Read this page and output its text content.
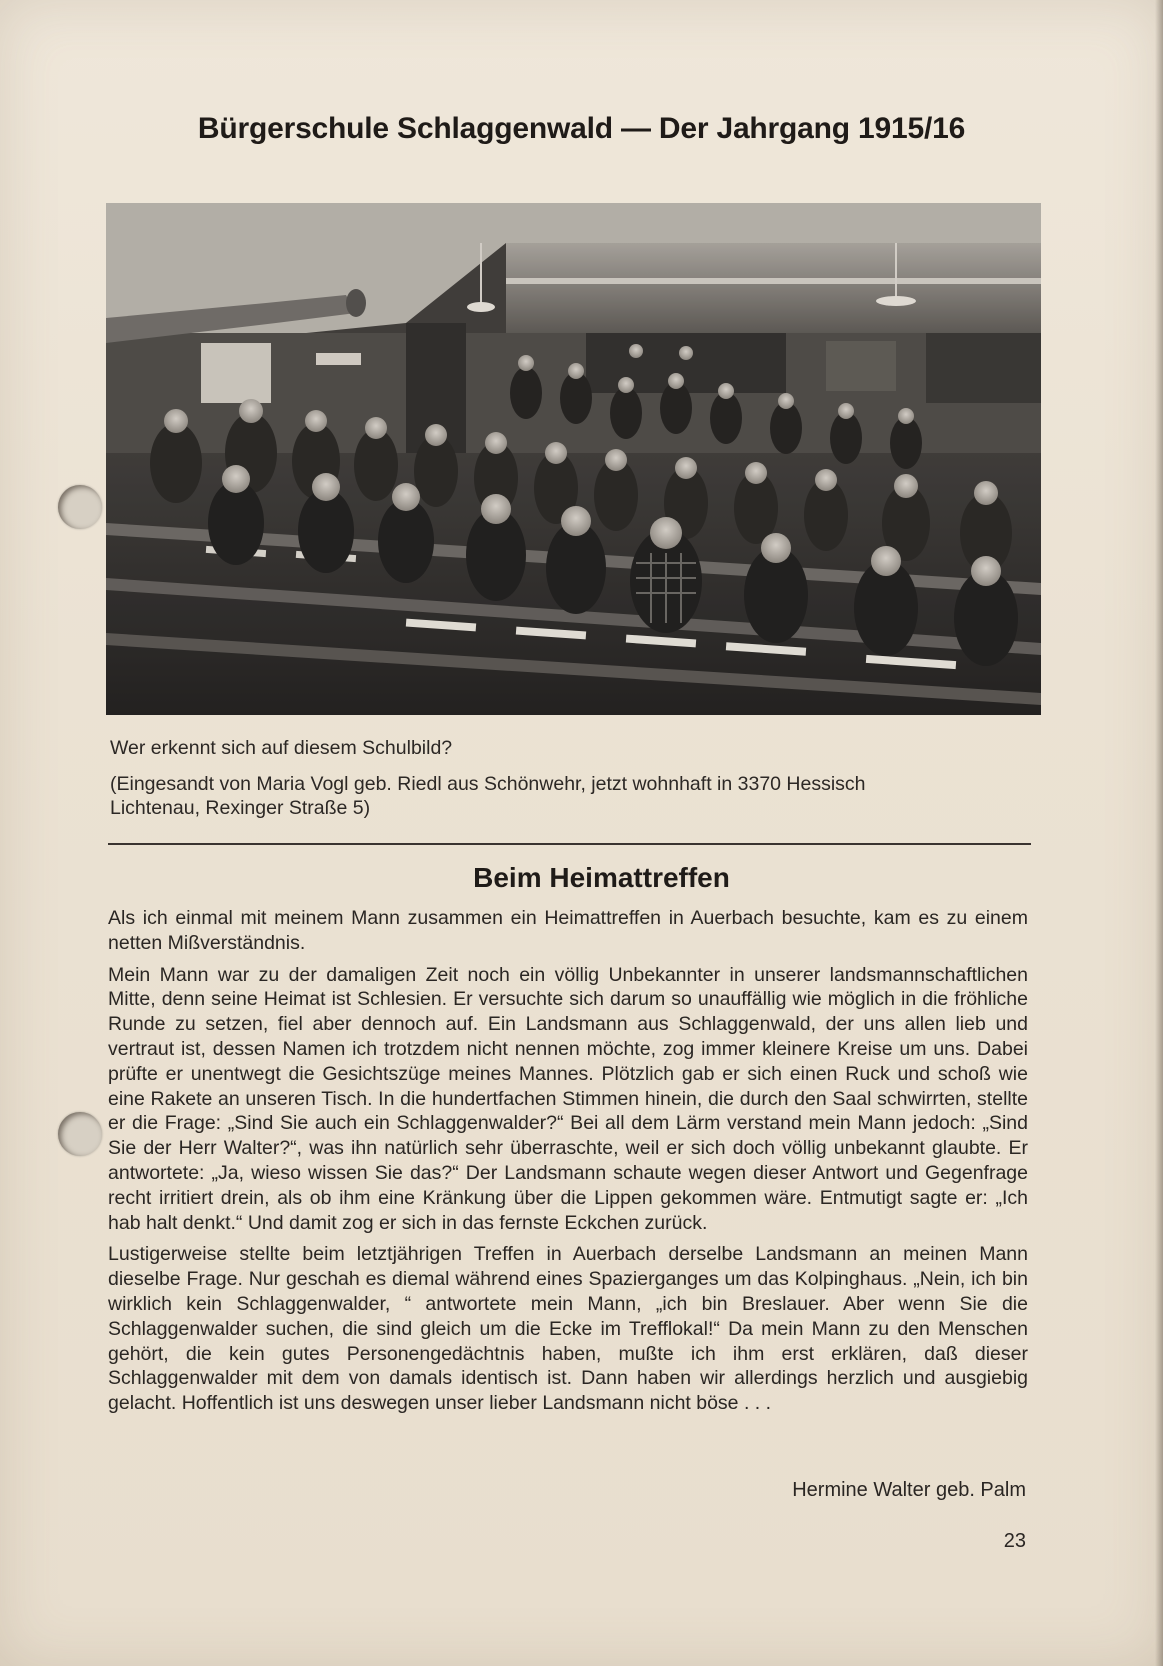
Bürgerschule Schlaggenwald — Der Jahrgang 1915/16
Wer erkennt sich auf diesem Schulbild?
(Eingesandt von Maria Vogl geb. Riedl aus Schönwehr, jetzt wohnhaft in 3370 Hessisch
Lichtenau, Rexinger Straße 5)
Beim Heimattreffen

Als ich einmal mit meinem Mann zusammen ein Heimattreffen in Auerbach besuchte, kam es zu einem netten Mißverständnis.

Mein Mann war zu der damaligen Zeit noch ein völlig Unbekannter in unserer landsmannschaftlichen Mitte, denn seine Heimat ist Schlesien. Er versuchte sich darum so unauffällig wie möglich in die fröhliche Runde zu setzen, fiel aber dennoch auf. Ein Landsmann aus Schlaggenwald, der uns allen lieb und vertraut ist, dessen Namen ich trotzdem nicht nennen möchte, zog immer kleinere Kreise um uns. Dabei prüfte er unentwegt die Gesichtszüge meines Mannes. Plötzlich gab er sich einen Ruck und schoß wie eine Rakete an unseren Tisch. In die hundertfachen Stimmen hinein, die durch den Saal schwirrten, stellte er die Frage: „Sind Sie auch ein Schlaggenwalder?“ Bei all dem Lärm verstand mein Mann jedoch: „Sind Sie der Herr Walter?“, was ihn natürlich sehr überraschte, weil er sich doch völlig unbekannt glaubte. Er antwortete: „Ja, wieso wissen Sie das?“ Der Landsmann schaute wegen dieser Antwort und Gegenfrage recht irritiert drein, als ob ihm eine Kränkung über die Lippen gekommen wäre. Entmutigt sagte er: „Ich hab halt denkt.“ Und damit zog er sich in das fernste Eckchen zurück.

Lustigerweise stellte beim letztjährigen Treffen in Auerbach derselbe Landsmann an meinen Mann dieselbe Frage. Nur geschah es diemal während eines Spazierganges um das Kolpinghaus. „Nein, ich bin wirklich kein Schlaggenwalder, “ antwortete mein Mann, „ich bin Breslauer. Aber wenn Sie die Schlaggenwalder suchen, die sind gleich um die Ecke im Trefflokal!“ Da mein Mann zu den Menschen gehört, die kein gutes Personengedächtnis haben, mußte ich ihm erst erklären, daß dieser Schlaggenwalder mit dem von damals identisch ist. Dann haben wir allerdings herzlich und ausgiebig gelacht. Hoffentlich ist uns deswegen unser lieber Landsmann nicht böse . . .

Hermine Walter geb. Palm
23
